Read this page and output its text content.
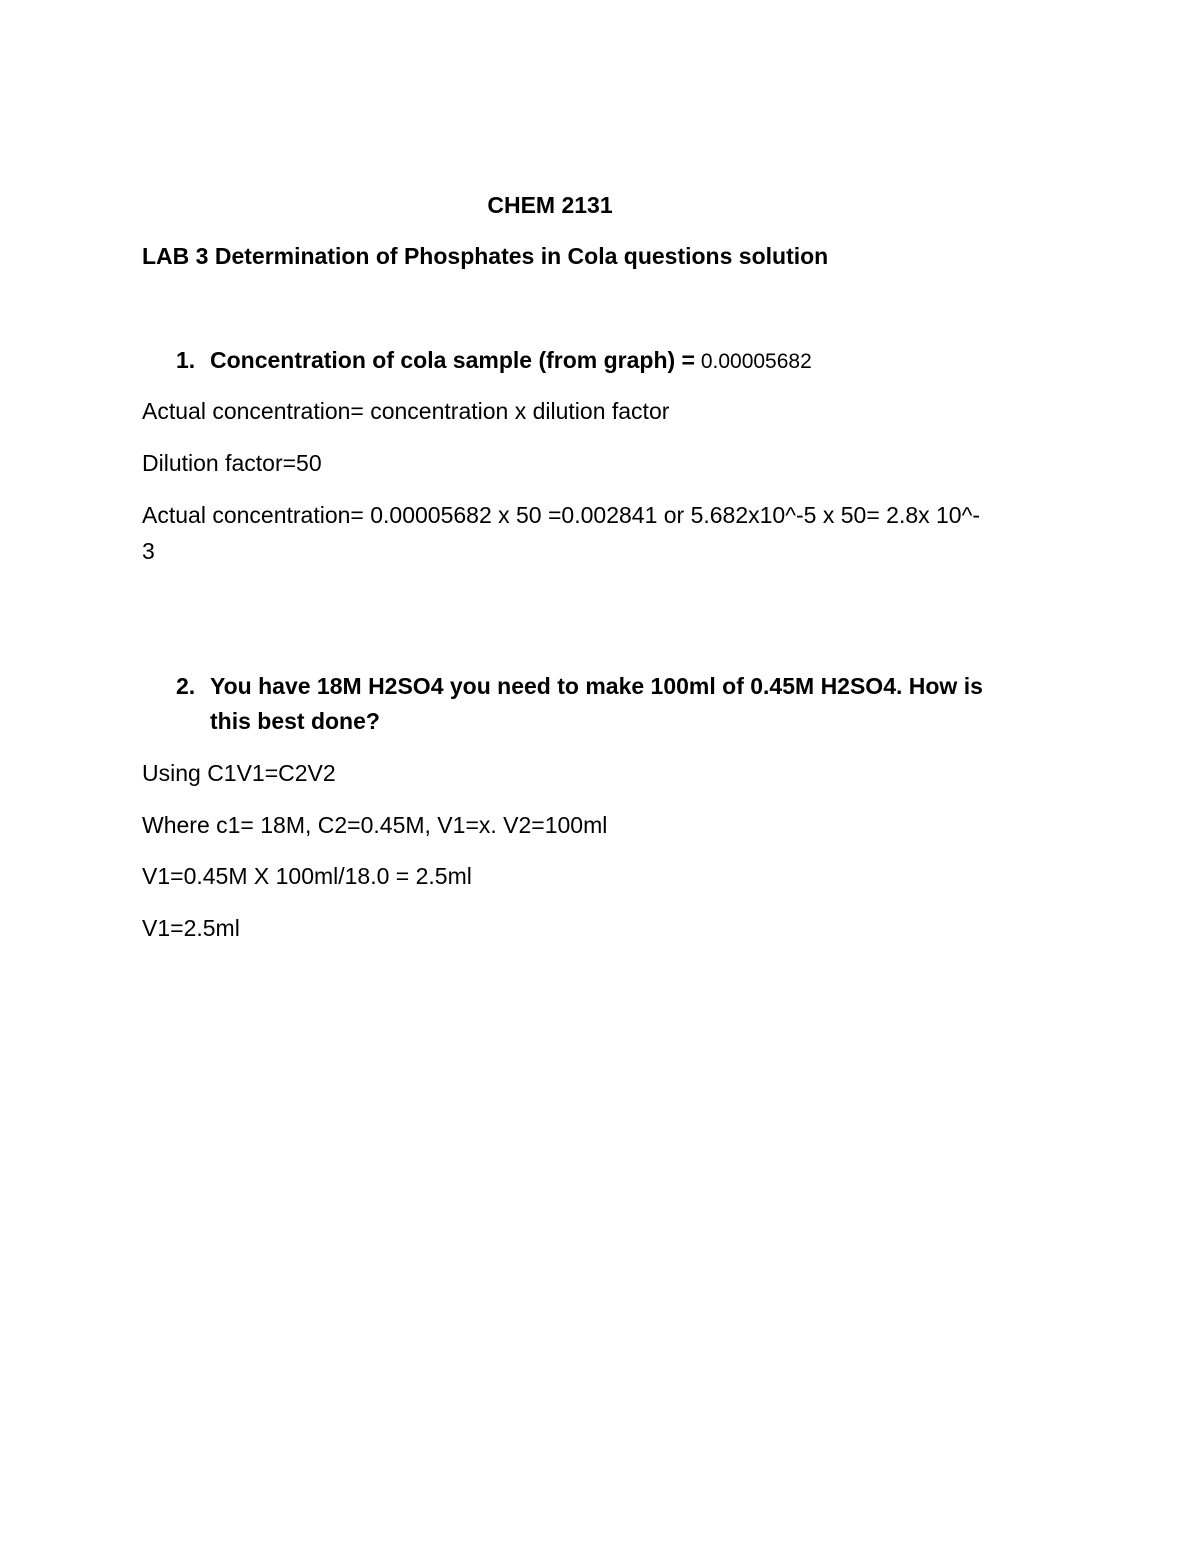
CHEM 2131
LAB 3 Determination of Phosphates in Cola questions solution
1. Concentration of cola sample (from graph) = 0.00005682
Actual concentration= concentration x dilution factor
Dilution factor=50
Actual concentration= 0.00005682 x 50 =0.002841 or 5.682x10^-5 x 50= 2.8x 10^-
3
2. You have 18M H2SO4 you need to make 100ml of 0.45M H2SO4. How is
this best done?
Using C1V1=C2V2
Where c1= 18M, C2=0.45M, V1=x. V2=100ml
V1=0.45M X 100ml/18.0 = 2.5ml
V1=2.5ml
